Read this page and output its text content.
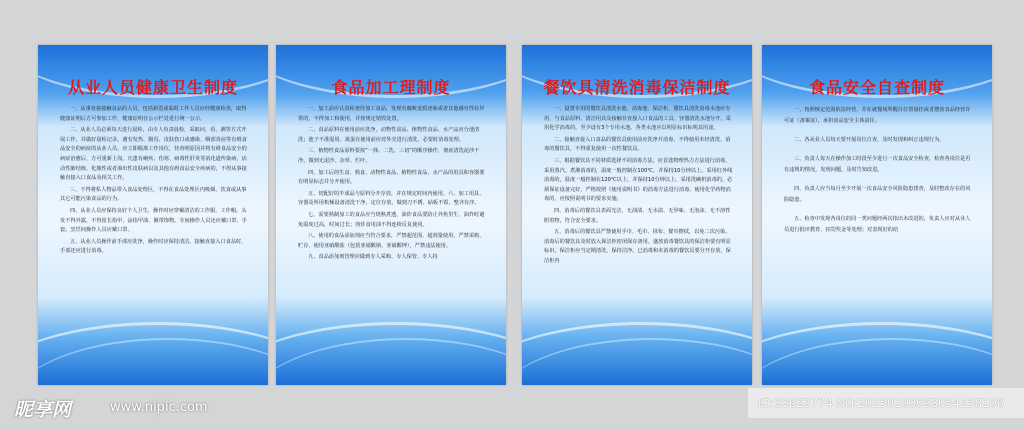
从业人员健康卫生制度

一、从事直接接触食品的人员，包括新进或临时工作人员应经健康检查，取得健康证明后方可参加工作，健康证明在公示栏处进行统一公示。

二、从业人员必须每天进行晨检，由专人负责晨检，采取问、看、测等方式开展工作，并做好晨检记录。遇有发热、腹泻、皮肤伤口或感染、咽部炎症等有碍食品安全的病症的从业人员，应立即脱离工作岗位，待查明原因并将有碍食品安全的病症治愈后，方可重新上岗。凡患有痢疾、伤寒、病毒性肝炎等消化道传染病，活动性肺结核，化脓性或者渗出性皮肤病以及其他有碍食品安全疾病的，不得从事接触直接入口食品及相关工作。

三、不得将私人物品带入食品处理区，不得在食品处理区内吸烟、饮食或从事其它可能污染食品的行为。

四、从业人员应保持良好个人卫生，操作时应穿戴清洁的工作服、工作帽，头发不得外露，不得留长指甲、涂指甲油、佩带饰物。专间操作人员还应戴口罩、手套。烹饪间操作人员应戴口罩。

五、从业人员操作前手部应洗净，操作时应保持清洁。接触直接入口食品时，手部还应进行消毒。

食品加工理制度

一、加工前应认真检查待加工食品，发现有腐败变质迹象或者其他感官性状异常的，不得加工和使用，并按规定销毁处置。

二、食品原料在使用前应洗净，动物性食品、植物性食品、水产品应分池清洗；池子不准混用。禽蛋在使用前应对外壳进行清洗，必要时消毒处理。

三、植物性食品原料要按“一择、二洗、三切”的顺序操作，彻底清洗泥沙干净，做到无泥沙、杂草、烂叶。

四、加工后的生食、熟食、动物性食品、植物性食品、水产品的用具和容器要有明显标志并分开使用。

五、切配好的半成品与原料分开存放，并在规定时间内使用。六、加工用具、容器及所用机械设备清洗干净，定位存放，做到刀不锈、砧板不霉，整齐有序。

七、需要熟制加工的食品应当烧熟煮透，油炸食品要防止外焦里生，油炸时避免温度过高，时间过长；煎炸食用油不得连续反复使用。

八、使用的食品添加剂应当符合要求，严禁超范围、超剂量使用，严禁采购、贮存、使用亚硝酸盐（包括亚硝酸钠、亚硝酸钾），严禁违法使用。

九、食品添加剂管理应做到专人采购、专人保管、专人持

餐饮具清洗消毒保洁制度

一、设置专用的餐饮具清洗水池、消毒池、保洁柜。餐饮具清洗消毒水池应专用，与食品原料、清洁用具及接触非直接入口食品的工具、容器清洗水池分开。采用化学消毒的，至少设有3个专用水池。各类水池应以明显标识标明其用途。

二、接触直接入口食品的餐饮具使用前应洗净并消毒，不得使用未经清洗、消毒的餐饮具，不得重复使用一次性餐饮具。

三、根据餐饮具不同材质选择不同消毒方法，应首选物理热力方法进行消毒。采用蒸汽、煮沸消毒的，温度一般控制在100℃，并保持10分钟以上。采用红外线消毒的，温度一般控制在120℃以上，并保持10分钟以上。采用洗碗机消毒的，必须保证设备完好，严格按照《使用说明书》的消毒方法进行消毒。使用化学药物消毒的，应按照说明书的要求实施。

四、消毒后的餐饮具表面光洁、无油渍、无水渍、无异味、无泡沫、无不溶性附着物，符合安全要求。

五、消毒后的餐饮具严禁使用手巾、毛巾、抹布、餐巾擦拭，以免二次污染。消毒后的餐饮具及时放入保洁柜密闭保存备用。盛放消毒餐饮具的保洁柜要有明显标识，保洁柜应当定期清洗，保持洁净。已消毒和未消毒的餐饮具要分开存放，保洁柜内

食品安全自查制度

一、按照核定范围依法经营，并在就餐场所醒目位置悬挂或者摆放食品经营许可证（备案证），承担食品安全主体责任。

二、各从业人员每天要开展岗位自查，及时发现和纠正违规行为。

三、负责人每天在操作加工时段至少进行一次食品安全检查，检查各岗位是否有违规的情况，发现问题，及时告知改进。

四、负责人应当每月至少开展一次食品安全风险隐患排查，及时整改存在的风险隐患。

五、检查中发现各岗位的同一类问题经两次指出未改进的，负责人应对从业人员进行批评教育、扣罚奖金等处理；对表现好的给

昵享网	www.nipic.com	ID:33622774 NO:20250103093054158106
